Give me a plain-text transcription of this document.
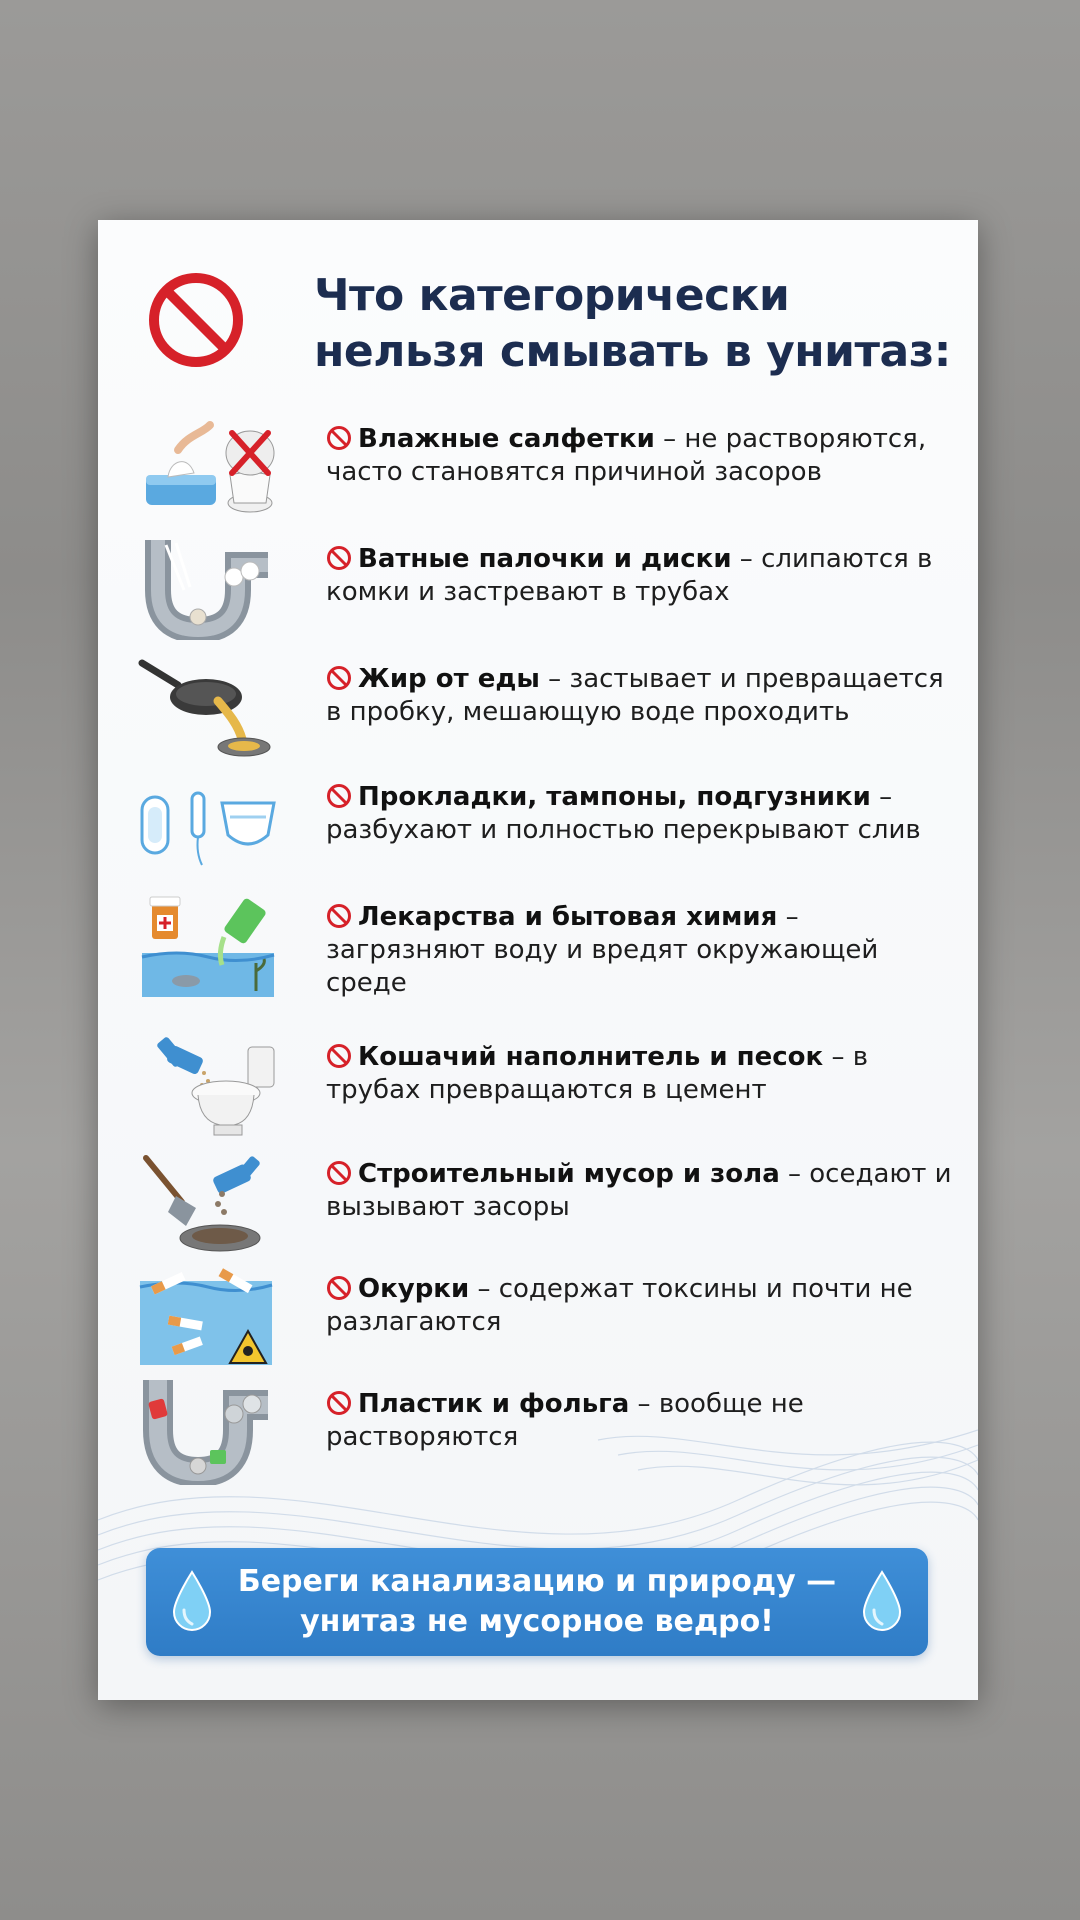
Что категорически нельзя смывать в унитаз:
Влажные салфетки – не растворяются, часто становятся причиной засоров
Ватные палочки и диски – слипаются в комки и застревают в трубах
Жир от еды – застывает и превращается в пробку, мешающую воде проходить
Прокладки, тампоны, подгузники – разбухают и полностью перекрывают слив
Лекарства и бытовая химия – загрязняют воду и вредят окружающей среде
Кошачий наполнитель и песок – в трубах превращаются в цемент
Строительный мусор и зола – оседают и вызывают засоры
Окурки – содержат токсины и почти не разлагаются
Пластик и фольга – вообще не растворяются
Береги канализацию и природу — унитаз не мусорное ведро!
